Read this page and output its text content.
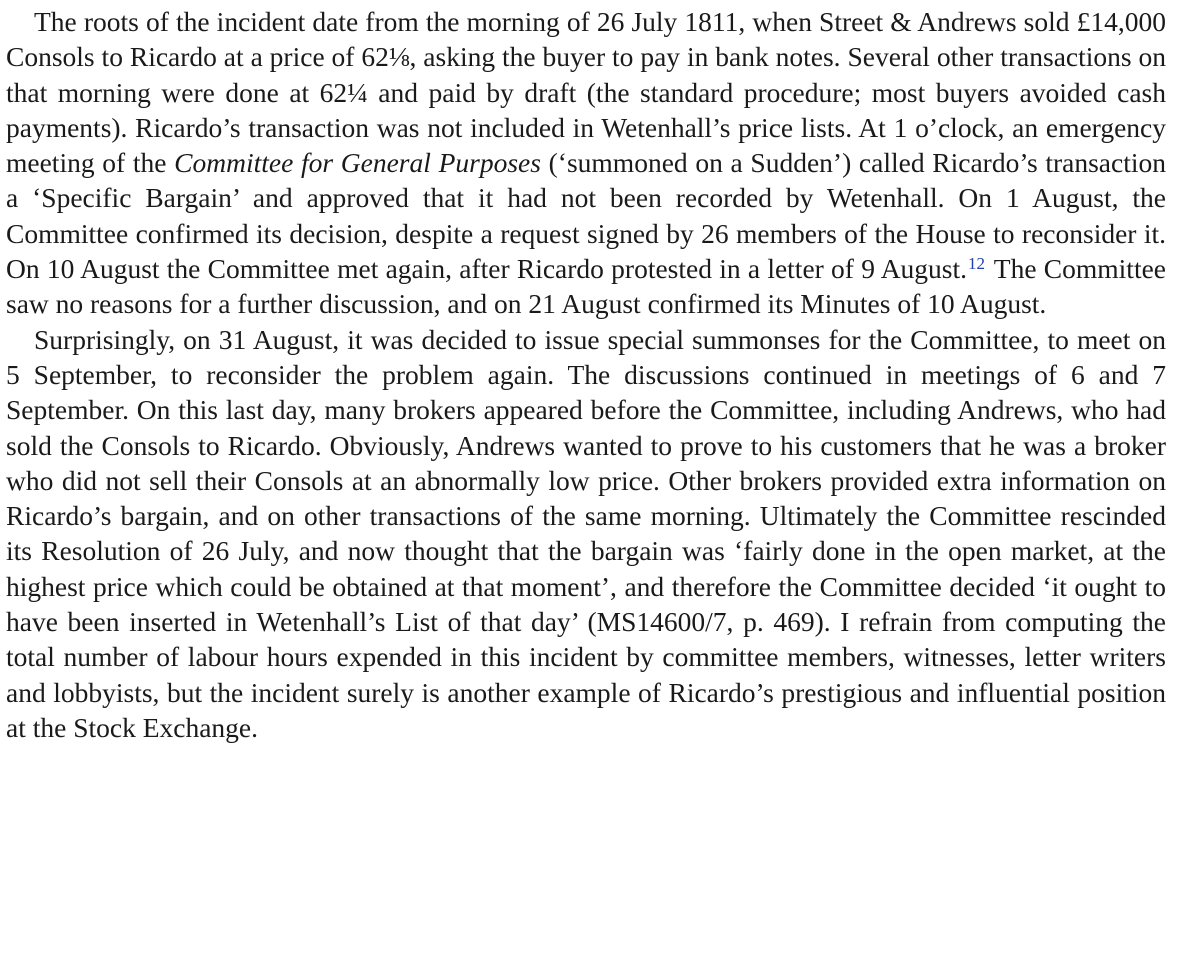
The roots of the incident date from the morning of 26 July 1811, when Street & Andrews sold £14,000 Consols to Ricardo at a price of 62⅛, asking the buyer to pay in bank notes. Several other transactions on that morning were done at 62¼ and paid by draft (the standard procedure; most buyers avoided cash payments). Ricardo’s transaction was not included in Wetenhall’s price lists. At 1 o’clock, an emergency meeting of the Committee for General Purposes (‘summoned on a Sudden’) called Ricardo’s transaction a ‘Specific Bargain’ and approved that it had not been recorded by Wetenhall. On 1 August, the Committee confirmed its decision, despite a request signed by 26 members of the House to reconsider it. On 10 August the Committee met again, after Ricardo protested in a letter of 9 August.$^{12}$ The Committee saw no reasons for a further discussion, and on 21 August confirmed its Minutes of 10 August.

Surprisingly, on 31 August, it was decided to issue special summonses for the Committee, to meet on 5 September, to reconsider the problem again. The discussions continued in meetings of 6 and 7 September. On this last day, many brokers appeared before the Committee, including Andrews, who had sold the Consols to Ricardo. Obviously, Andrews wanted to prove to his customers that he was a broker who did not sell their Consols at an abnormally low price. Other brokers provided extra information on Ricardo’s bargain, and on other transactions of the same morning. Ultimately the Committee rescinded its Resolution of 26 July, and now thought that the bargain was ‘fairly done in the open market, at the highest price which could be obtained at that moment’, and therefore the Committee decided ‘it ought to have been inserted in Wetenhall’s List of that day’ (MS14600/7, p. 469). I refrain from computing the total number of labour hours expended in this incident by committee members, witnesses, letter writers and lobbyists, but the incident surely is another example of Ricardo’s prestigious and influential position at the Stock Exchange.
